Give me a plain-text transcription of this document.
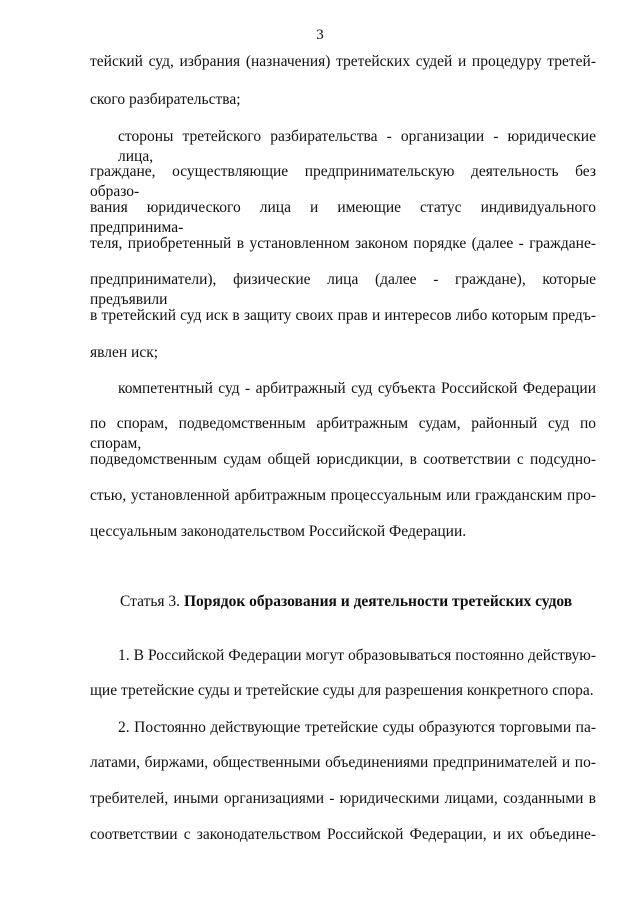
3
тейский суд, избрания (назначения) третейских судей и процедуру третей-
ского разбирательства;
стороны третейского разбирательства - организации - юридические лица,
граждане, осуществляющие предпринимательскую деятельность без образо-
вания юридического лица и имеющие статус индивидуального предпринима-
теля, приобретенный в установленном законом порядке (далее - граждане-
предприниматели), физические лица (далее - граждане), которые предъявили
в третейский суд иск в защиту своих прав и интересов либо которым предъ-
явлен иск;
компетентный суд - арбитражный суд субъекта Российской Федерации
по спорам, подведомственным арбитражным судам, районный суд по спорам,
подведомственным судам общей юрисдикции, в соответствии с подсудно-
стью, установленной арбитражным процессуальным или гражданским про-
цессуальным законодательством Российской Федерации.
Статья 3. Порядок образования и деятельности третейских судов
1. В Российской Федерации могут образовываться постоянно действую-
щие третейские суды и третейские суды для разрешения конкретного спора.
2. Постоянно действующие третейские суды образуются торговыми па-
латами, биржами, общественными объединениями предпринимателей и по-
требителей, иными организациями - юридическими лицами, созданными в
соответствии с законодательством Российской Федерации, и их объедине-
